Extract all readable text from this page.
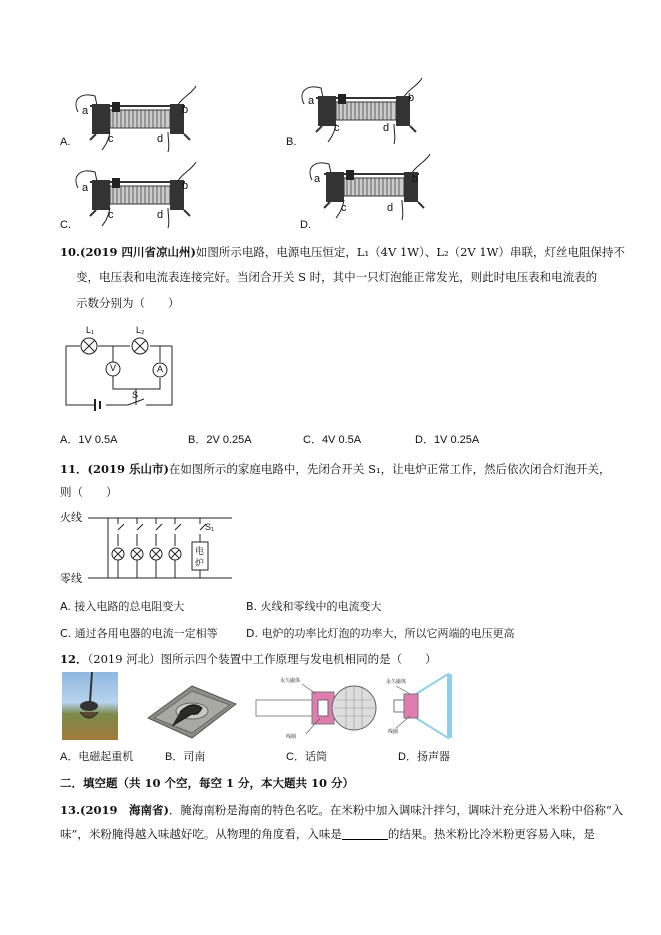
a	b
c	d
A.
a	b
c	d
B.
a	b
c	d
C.
a	b
c	d
D.
10.(2019 四川省凉山州)如图所示电路，电源电压恒定，L₁（4V 1W）、L₂（2V 1W）串联，灯丝电阻保持不
变，电压表和电流表连接完好。当闭合开关 S 时，其中一只灯泡能正常发光，则此时电压表和电流表的
示数分别为（　　）
L₁	L₂
V	A
S
A．1V 0.5A	B．2V 0.25A	C．4V 0.5A	D．1V 0.25A
11．(2019 乐山市)在如图所示的家庭电路中，先闭合开关 S₁，让电炉正常工作，然后依次闭合灯泡开关，
则（　　）
火线
零线
S₁
电
炉
A. 接入电路的总电阻变大	B. 火线和零线中的电流变大
C. 通过各用电器的电流一定相等	D. 电炉的功率比灯泡的功率大，所以它两端的电压更高
12．（2019 河北）图所示四个装置中工作原理与发电机相同的是（　　）
永久磁体
线圈
永久磁体
线圈
A．电磁起重机	B．司南	C．话筒	D．扬声器
二．填空题（共 10 个空，每空 1 分，本大题共 10 分）
13.(2019　海南省)．腌海南粉是海南的特色名吃。在米粉中加入调味汁拌匀，调味汁充分进入米粉中俗称“入
味”，米粉腌得越入味越好吃。从物理的角度看，入味是	的结果。热米粉比冷米粉更容易入味，是
